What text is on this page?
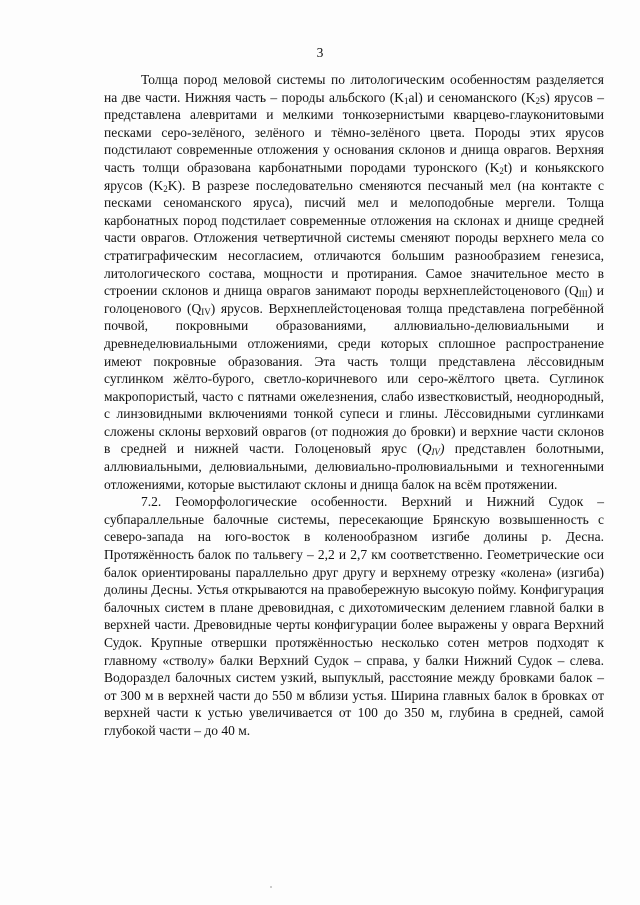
3

Толща пород меловой системы по литологическим особенностям разделяется на две части. Нижняя часть – породы альбского $(K_1al)$ и сеноманского $(K_2s)$ ярусов – представлена алевритами и мелкими тонкозернистыми кварцево-глауконитовыми песками серо-зелёного, зелёного и тёмно-зелёного цвета. Породы этих ярусов подстилают современные отложения у основания склонов и днища оврагов. Верхняя часть толщи образована карбонатными породами туронского $(K_2t)$ и коньякского ярусов $(K_2K)$. В разрезе последовательно сменяются песчаный мел (на контакте с песками сеноманского яруса), писчий мел и мелоподобные мергели. Толща карбонатных пород подстилает современные отложения на склонах и днище средней части оврагов. Отложения четвертичной системы сменяют породы верхнего мела со стратиграфическим несогласием, отличаются большим разнообразием генезиса, литологического состава, мощности и протирания. Самое значительное место в строении склонов и днища оврагов занимают породы верхнеплейстоценового $(Q_{III})$ и голоценового $(Q_{IV})$ ярусов. Верхнеплейстоценовая толща представлена погребённой почвой, покровными образованиями, аллювиально-делювиальными и древнеделювиальными отложениями, среди которых сплошное распространение имеют покровные образования. Эта часть толщи представлена лёссовидным суглинком жёлто-бурого, светло-коричневого или серо-жёлтого цвета. Суглинок макропористый, часто с пятнами ожелезнения, слабо известковистый, неоднородный, с линзовидными включениями тонкой супеси и глины. Лёссовидными суглинками сложены склоны верховий оврагов (от подножия до бровки) и верхние части склонов в средней и нижней части. Голоценовый ярус $(Q_{IV})$ представлен болотными, аллювиальными, делювиальными, делювиально-пролювиальными и техногенными отложениями, которые выстилают склоны и днища балок на всём протяжении.

7.2. Геоморфологические особенности. Верхний и Нижний Судок – субпараллельные балочные системы, пересекающие Брянскую возвышенность с северо-запада на юго-восток в коленообразном изгибе долины р. Десна. Протяжённость балок по тальвегу – 2,2 и 2,7 км соответственно. Геометрические оси балок ориентированы параллельно друг другу и верхнему отрезку «колена» (изгиба) долины Десны. Устья открываются на правобережную высокую пойму. Конфигурация балочных систем в плане древовидная, с дихотомическим делением главной балки в верхней части. Древовидные черты конфигурации более выражены у оврага Верхний Судок. Крупные отвершки протяжённостью несколько сотен метров подходят к главному «стволу» балки Верхний Судок – справа, у балки Нижний Судок – слева. Водораздел балочных систем узкий, выпуклый, расстояние между бровками балок – от 300 м в верхней части до 550 м вблизи устья. Ширина главных балок в бровках от верхней части к устью увеличивается от 100 до 350 м, глубина в средней, самой глубокой части – до 40 м.
